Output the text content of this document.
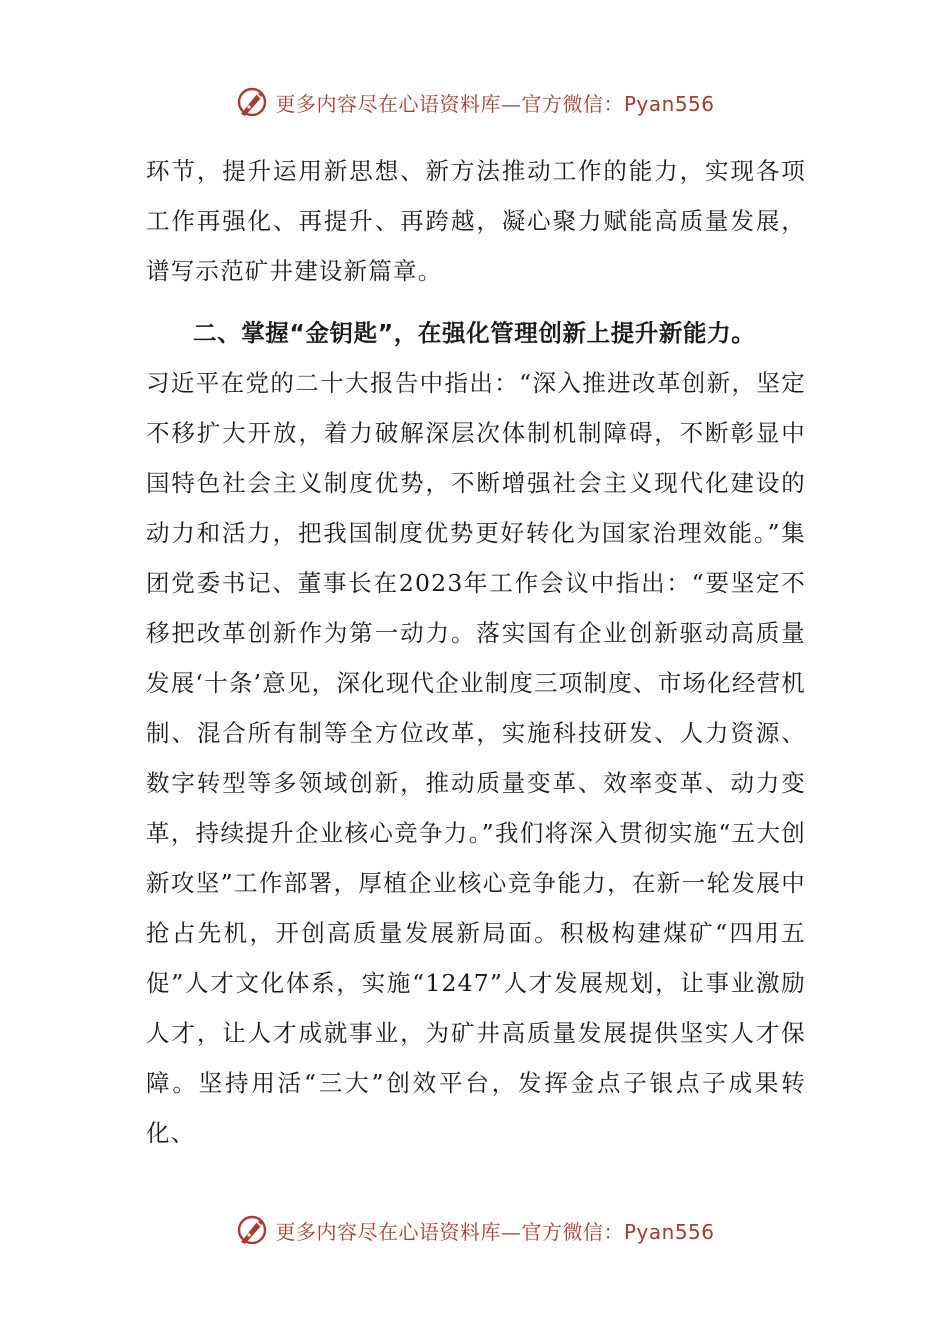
更多内容尽在心语资料库—官方微信：Pyan556

环节，提升运用新思想、新方法推动工作的能力，实现各项工作再强化、再提升、再跨越，凝心聚力赋能高质量发展，谱写示范矿井建设新篇章。

二、掌握“金钥匙”，在强化管理创新上提升新能力。

习近平在党的二十大报告中指出：“深入推进改革创新，坚定不移扩大开放，着力破解深层次体制机制障碍，不断彰显中国特色社会主义制度优势，不断增强社会主义现代化建设的动力和活力，把我国制度优势更好转化为国家治理效能。”集团党委书记、董事长在2023年工作会议中指出：“要坚定不移把改革创新作为第一动力。落实国有企业创新驱动高质量发展‘十条’意见，深化现代企业制度三项制度、市场化经营机制、混合所有制等全方位改革，实施科技研发、人力资源、数字转型等多领域创新，推动质量变革、效率变革、动力变革，持续提升企业核心竞争力。”我们将深入贯彻实施“五大创新攻坚”工作部署，厚植企业核心竞争能力，在新一轮发展中抢占先机，开创高质量发展新局面。积极构建煤矿“四用五促”人才文化体系，实施“1247”人才发展规划，让事业激励人才，让人才成就事业，为矿井高质量发展提供坚实人才保障。坚持用活“三大”创效平台，发挥金点子银点子成果转化、

更多内容尽在心语资料库—官方微信：Pyan556
